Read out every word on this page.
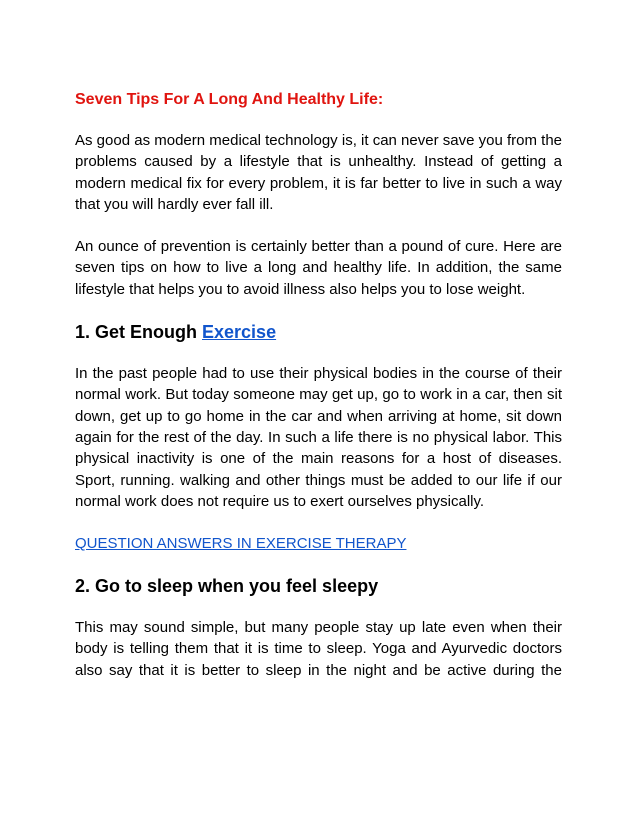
Seven Tips For A Long And Healthy Life:

As good as modern medical technology is, it can never save you from the problems caused by a lifestyle that is unhealthy. Instead of getting a modern medical fix for every problem, it is far better to live in such a way that you will hardly ever fall ill.

An ounce of prevention is certainly better than a pound of cure. Here are seven tips on how to live a long and healthy life. In addition, the same lifestyle that helps you to avoid illness also helps you to lose weight.

1. Get Enough Exercise

In the past people had to use their physical bodies in the course of their normal work. But today someone may get up, go to work in a car, then sit down, get up to go home in the car and when arriving at home, sit down again for the rest of the day. In such a life there is no physical labor. This physical inactivity is one of the main reasons for a host of diseases. Sport, running. walking and other things must be added to our life if our normal work does not require us to exert ourselves physically.

QUESTION ANSWERS IN EXERCISE THERAPY
2. Go to sleep when you feel sleepy

This may sound simple, but many people stay up late even when their body is telling them that it is time to sleep. Yoga and Ayurvedic doctors also say that it is better to sleep in the night and be active during the
